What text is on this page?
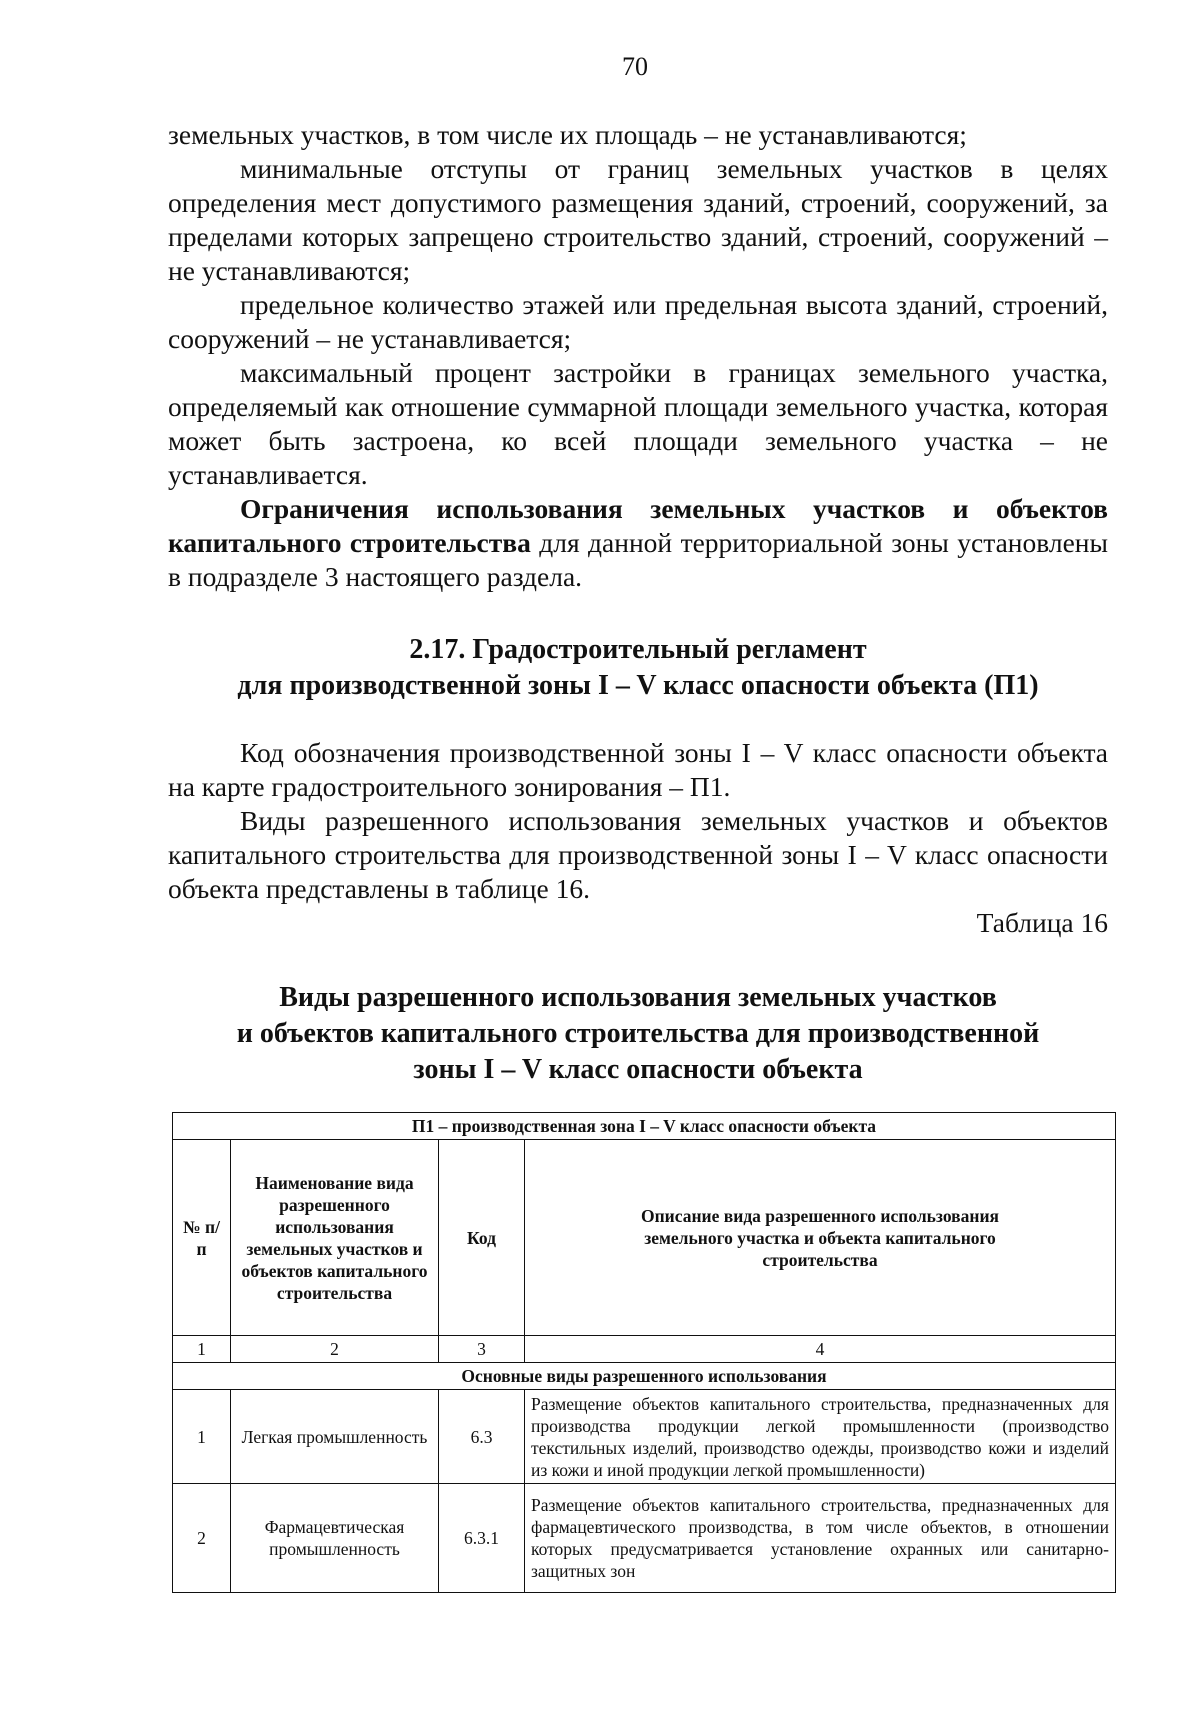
70

земельных участков, в том числе их площадь – не устанавливаются;

минимальные отступы от границ земельных участков в целях определения мест допустимого размещения зданий, строений, сооружений, за пределами которых запрещено строительство зданий, строений, сооружений – не устанавливаются;

предельное количество этажей или предельная высота зданий, строений, сооружений – не устанавливается;

максимальный процент застройки в границах земельного участка, определяемый как отношение суммарной площади земельного участка, которая может быть застроена, ко всей площади земельного участка – не устанавливается.

Ограничения использования земельных участков и объектов капитального строительства для данной территориальной зоны установлены в подразделе 3 настоящего раздела.

2.17. Градостроительный регламент

для производственной зоны I – V класс опасности объекта (П1)

Код обозначения производственной зоны I – V класс опасности объекта на карте градостроительного зонирования – П1.

Виды разрешенного использования земельных участков и объектов капитального строительства для производственной зоны I – V класс опасности объекта представлены в таблице 16.

Таблица 16

Виды разрешенного использования земельных участков

и объектов капитального строительства для производственной

зоны I – V класс опасности объекта

П1 – производственная зона I – V класс опасности объекта			
№ п/п	Наименование вида разрешенного использования земельных участков и объектов капитального строительства	Код	Описание вида разрешенного использования земельного участка и объекта капитального строительства
1	2	3	4
Основные виды разрешенного использования			
1	Легкая промышленность	6.3	Размещение объектов капитального строительства, предназначенных для производства продукции легкой промышленности (производство текстильных изделий, производство одежды, производство кожи и изделий из кожи и иной продукции легкой промышленности)
2	Фармацевтическая промышленность	6.3.1	Размещение объектов капитального строительства, предназначенных для фармацевтического производства, в том числе объектов, в отношении которых предусматривается установление охранных или санитарно-защитных зон
